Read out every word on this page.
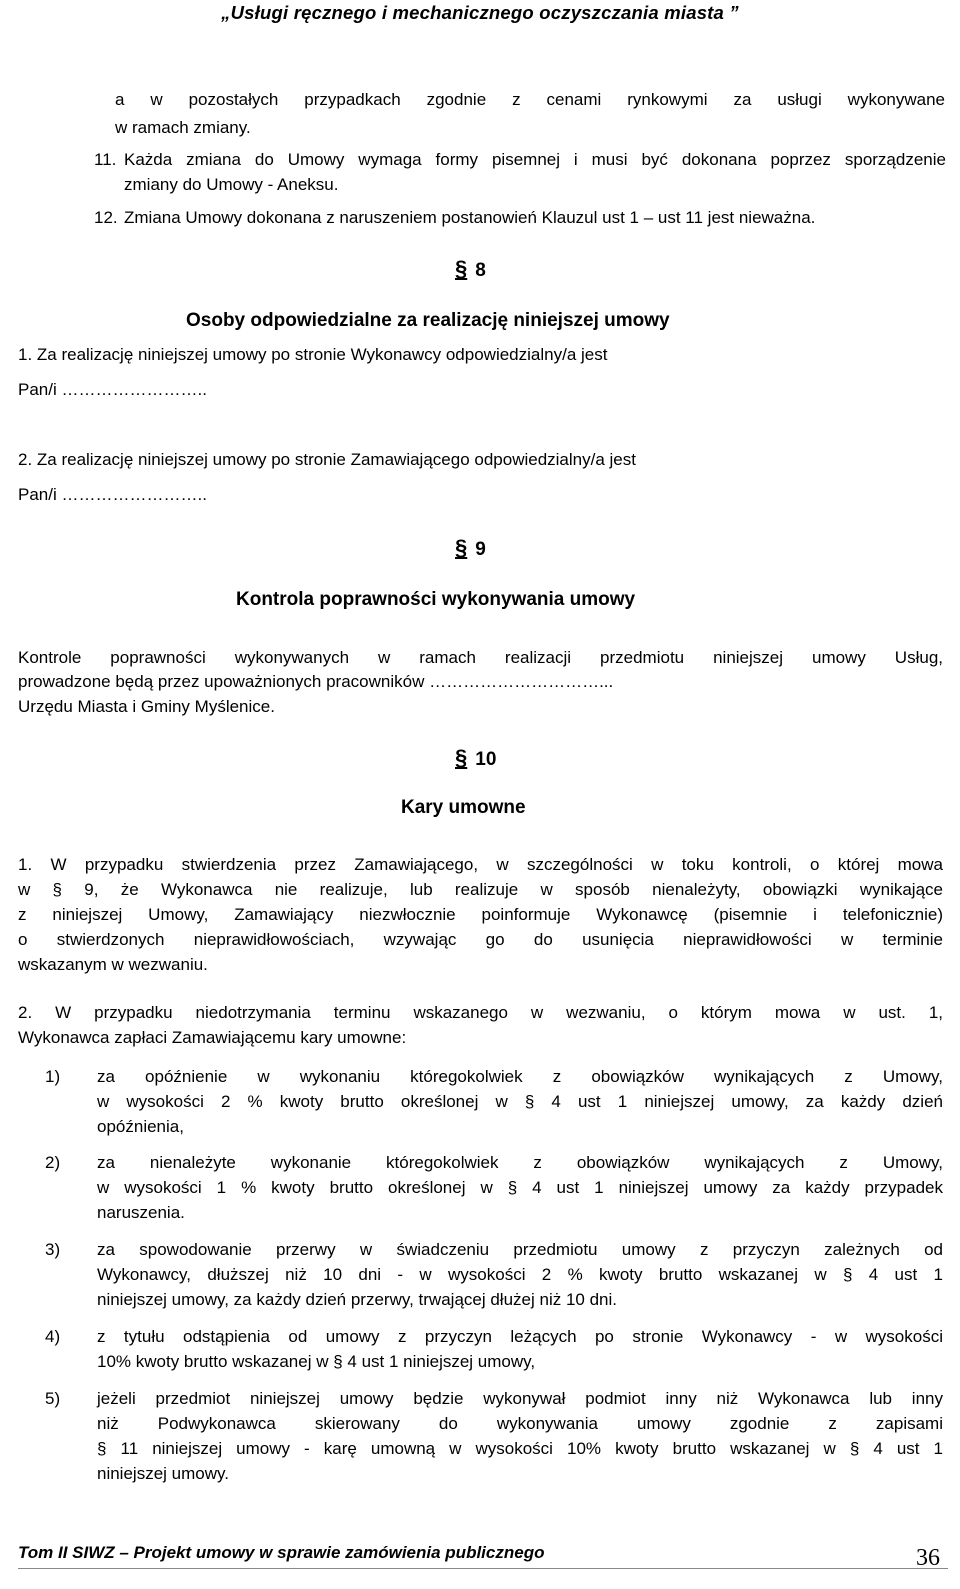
„Usługi ręcznego i mechanicznego oczyszczania miasta ”
a w pozostałych przypadkach zgodnie z cenami rynkowymi za usługi wykonywane
w ramach zmiany.
11. Każda zmiana do Umowy wymaga formy pisemnej i musi być dokonana poprzez sporządzenie
zmiany do Umowy - Aneksu.
12. Zmiana Umowy dokonana z naruszeniem postanowień Klauzul ust 1 – ust 11 jest nieważna.
§ 8
Osoby odpowiedzialne za realizację niniejszej umowy
1. Za realizację niniejszej umowy po stronie Wykonawcy odpowiedzialny/a jest
Pan/i ……………………..
2. Za realizację niniejszej umowy po stronie Zamawiającego odpowiedzialny/a jest
Pan/i ……………………..
§ 9
Kontrola poprawności wykonywania umowy
Kontrole poprawności wykonywanych w ramach realizacji przedmiotu niniejszej umowy Usług,
prowadzone będą przez upoważnionych pracowników …………………………...
Urzędu Miasta i Gminy Myślenice.
§ 10
Kary umowne
1. W przypadku stwierdzenia przez Zamawiającego, w szczególności w toku kontroli, o której mowa
w § 9, że Wykonawca nie realizuje, lub realizuje w sposób nienależyty, obowiązki wynikające
z niniejszej Umowy, Zamawiający niezwłocznie poinformuje Wykonawcę (pisemnie i telefonicznie)
o stwierdzonych nieprawidłowościach, wzywając go do usunięcia nieprawidłowości w terminie
wskazanym w wezwaniu.
2. W przypadku niedotrzymania terminu wskazanego w wezwaniu, o którym mowa w ust. 1,
Wykonawca zapłaci Zamawiającemu kary umowne:
1) za opóźnienie w wykonaniu któregokolwiek z obowiązków wynikających z Umowy,
w wysokości 2 % kwoty brutto określonej w § 4 ust 1 niniejszej umowy, za każdy dzień
opóźnienia,
2) za nienależyte wykonanie któregokolwiek z obowiązków wynikających z Umowy,
w wysokości 1 % kwoty brutto określonej w § 4 ust 1 niniejszej umowy za każdy przypadek
naruszenia.
3) za spowodowanie przerwy w świadczeniu przedmiotu umowy z przyczyn zależnych od
Wykonawcy, dłuższej niż 10 dni - w wysokości 2 % kwoty brutto wskazanej w § 4 ust 1
niniejszej umowy, za każdy dzień przerwy, trwającej dłużej niż 10 dni.
4) z tytułu odstąpienia od umowy z przyczyn leżących po stronie Wykonawcy - w wysokości
10% kwoty brutto wskazanej w § 4 ust 1 niniejszej umowy,
5) jeżeli przedmiot niniejszej umowy będzie wykonywał podmiot inny niż Wykonawca lub inny
niż Podwykonawca skierowany do wykonywania umowy zgodnie z zapisami
§ 11 niniejszej umowy - karę umowną w wysokości 10% kwoty brutto wskazanej w § 4 ust 1
niniejszej umowy.
Tom II SIWZ – Projekt umowy w sprawie zamówienia publicznego	36
